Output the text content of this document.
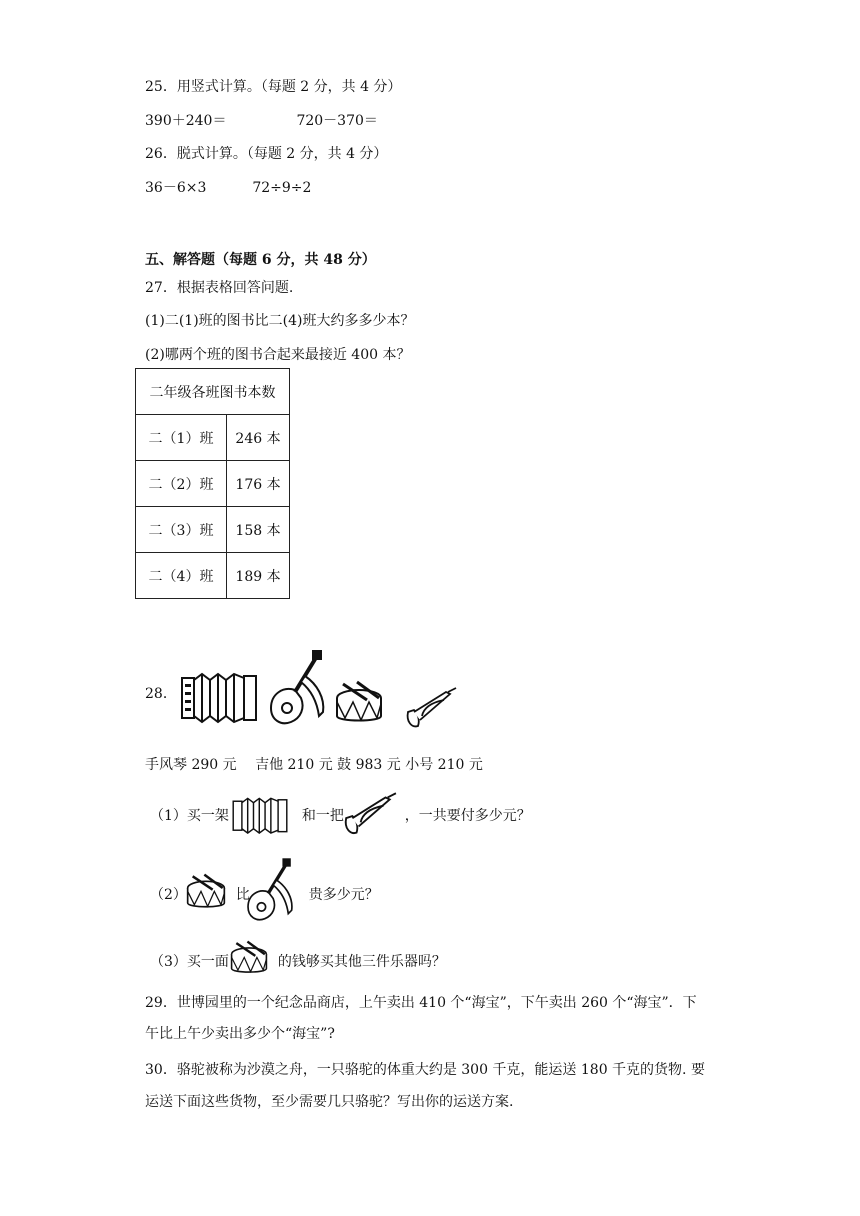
25．用竖式计算。（每题 2 分，共 4 分）
390＋240＝	720－370＝
26．脱式计算。（每题 2 分，共 4 分）
36－6×3	72÷9÷2
五、解答题（每题 6 分，共 48 分）
27．根据表格回答问题.
(1)二(1)班的图书比二(4)班大约多多少本？
(2)哪两个班的图书合起来最接近 400 本？
二年级各班图书本数	
二（1）班	246 本
二（2）班	176 本
二（3）班	158 本
二（4）班	189 本
28．
手风琴 290 元　 吉他 210 元 鼓 983 元 小号 210 元
（1）买一架	和一把	，一共要付多少元？
（2）	比	贵多少元？
（3）买一面	的钱够买其他三件乐器吗？
29．世博园里的一个纪念品商店，上午卖出 410 个“海宝”，下午卖出 260 个“海宝”．下
午比上午少卖出多少个“海宝”?
30．骆驼被称为沙漠之舟，一只骆驼的体重大约是 300 千克，能运送 180 千克的货物. 要
运送下面这些货物，至少需要几只骆驼？写出你的运送方案.
